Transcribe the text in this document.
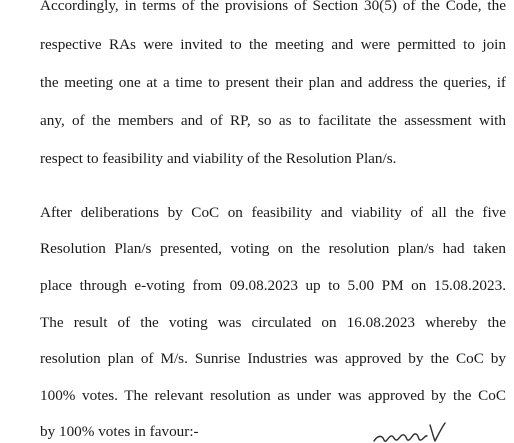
Accordingly, in terms of the provisions of Section 30(5) of the Code, the
respective RAs were invited to the meeting and were permitted to join
the meeting one at a time to present their plan and address the queries, if
any, of the members and of RP, so as to facilitate the assessment with
respect to feasibility and viability of the Resolution Plan/s.
After deliberations by CoC on feasibility and viability of all the five
Resolution Plan/s presented, voting on the resolution plan/s had taken
place through e-voting from 09.08.2023 up to 5.00 PM on 15.08.2023.
The result of the voting was circulated on 16.08.2023 whereby the
resolution plan of M/s. Sunrise Industries was approved by the CoC by
100% votes. The relevant resolution as under was approved by the CoC
by 100% votes in favour:-
